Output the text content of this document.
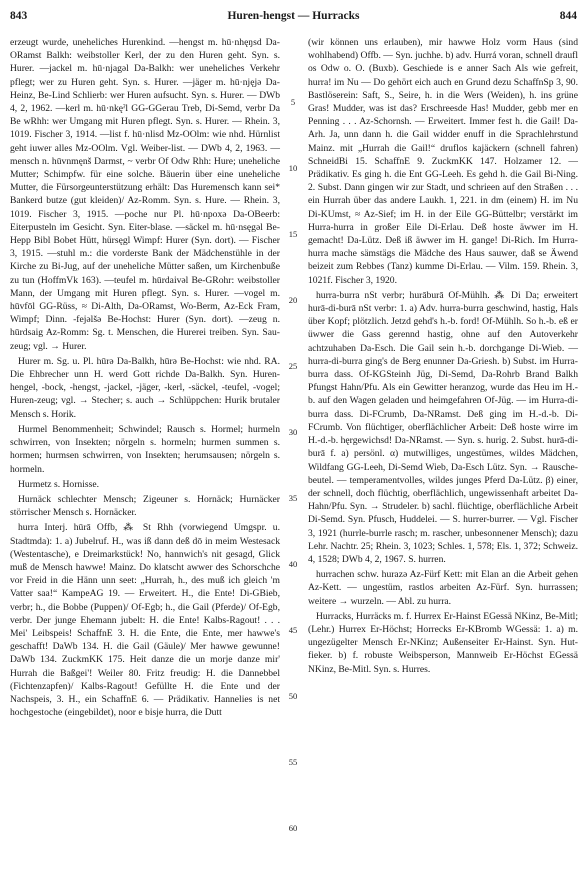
843	Huren-hengst — Hurracks	844

erzeugt wurde, uneheliches Hurenkind. —hengst m. hū·nhęŋsd Da-ORamst Balkh: weibstoller Kerl, der zu den Huren geht. Syn. s. Hurer. —jackel m. hū·njagəl Da-Balkh: wer uneheliches Verkehr pflegt; wer zu Huren geht. Syn. s. Hurer. —jäger m. hū·njęjə Da-Heinz, Be-Lind Schlierb: wer Huren aufsucht. Syn. s. Hurer. — DWb 4, 2, 1962. —kerl m. hū·nkęˀl GG-GGerau Treb, Di-Semd, verbr Da Be wRhh: wer Umgang mit Huren pflegt. Syn. s. Hurer. — Rhein. 3, 1019. Fischer 3, 1914. —list f. hū·nlisd Mz-OOlm: wie nhd. Hürnlist geht iuwer alles Mz-OOlm. Vgl. Weiber-list. — DWb 4, 2, 1963. —mensch n. hūvnmęnš Darmst, ~ verbr Of Odw Rhh: Hure; uneheliche Mutter; Schimpfw. für eine solche. Bäuerin über eine uneheliche Mutter, die Fürsorgeunterstützung erhält: Das Huremensch kann sei* Bankerd butze (gut kleiden)/ Az-Romm. Syn. s. Hure. — Rhein. 3, 1019. Fischer 3, 1915. —poche nur Pl. hū·nрoxə Da-OBeerb: Eiterpusteln im Gesicht. Syn. Eiter-blase. —säckel m. hū·nsęgəl Be-Hepp Bibl Bobet Hütt, hürsęgl Wimpf: Hurer (Syn. dort). — Fischer 3, 1915. —stuhl m.: die vorderste Bank der Mädchenstühle in der Kirche zu Bi-Jug, auf der uneheliche Mütter saßen, um Kirchenbuße zu tun (HoffmVk 163). —teufel m. hūrdaivəl Be-GRohr: weibstoller Mann, der Umgang mit Huren pflegt. Syn. s. Hurer. —vogel m. hūvfōl GG-Rüss, ≈ Di-Alth, Da-ORamst, Wo-Berm, Az-Eck Fram, Wimpf; Dinn. -fejəlšə Be-Hochst: Hurer (Syn. dort). —zeug n. hūrdsaig Az-Romm: Sg. t. Menschen, die Hurerei treiben. Syn. Sau-zeug; vgl. → Hurer.

Hurer m. Sg. u. Pl. hūrə Da-Balkh, hūrə Be-Hochst: wie nhd. RA. Die Ehbrecher unn H. werd Gott richde Da-Balkh. Syn. Huren-hengel, -bock, -hengst, -jackel, -jäger, -kerl, -säckel, -teufel, -vogel; Huren-zeug; vgl. → Stecher; s. auch → Schlüppchen: Hurik brutaler Mensch s. Horik.

Hurmel Benommenheit; Schwindel; Rausch s. Hormel; hurmeln schwirren, von Insekten; nörgeln s. hormeln; hurmen summen s. hormen; hurmsen schwirren, von Insekten; herumsausen; nörgeln s. hormeln.

Hurmetz s. Hornisse.

Hurnäck schlechter Mensch; Zigeuner s. Hornäck; Hurnäcker störrischer Mensch s. Hornäcker.

hurra Interj. hūrā Offb, ⁂ St Rhh (vorwiegend Umgspr. u. Stadtmda): 1. a) Jubelruf. H., was iß dann deß dō in meim Westesack (Westentasche), e Dreimarkstück! No, hannwich's nit gesagd, Glick muß de Mensch hawwe! Mainz. Do klatscht awwer des Schorschche vor Freid in die Hänn unn seet: „Hurrah, h., des muß ich gleich 'm Vatter saa!“ KampeAG 19. — Erweitert. H., die Ente! Di-GBieb, verbr; h., die Bobbe (Puppen)/ Of-Egb; h., die Gail (Pferde)/ Of-Egb, verbr. Der junge Ehemann jubelt: H. die Ente! Kalbs-Ragout! . . . Mei' Leibspeis! SchaffnE 3. H. die Ente, die Ente, mer hawwe's geschafft! DaWb 134. H. die Gail (Gäule)/ Mer hawwe gewunne! DaWb 134. ZuckmKK 175. Heit danze die un morje danze mir' Hurrah die Baßgei'! Weiler 80. Fritz freudig: H. die Dannebbel (Fichtenzapfen)/ Kalbs-Ragout! Gefüllte H. die Ente und der Nachspeis, 3. H., ein SchaffnE 6. — Prädikativ. Hannelies is net hochgestoche (eingebildet), noor e bisje hurra, die Dutt

5
10
15
20
25
30
35
40
45
50
55
60

(wir können uns erlauben), mir hawwe Holz vorm Haus (sind wohlhabend) Offb. — Syn. juchhe. b) adv. Hurrá voran, schnell draufl os Odw o. O. (Buxb). Geschiede is e anner Sach Als wie gefreit, hurra! im Nu — Do gehört eich auch en Grund dezu SchaffnSp 3, 90. Bastlöserein: Saft, S., Seire, h. in die Wers (Weiden), h. ins grüne Gras! Mudder, was ist das? Erschreesde Has! Mudder, gebb mer en Penning . . . Az-Schornsh. — Erweitert. Immer fest h. die Gail! Da-Arh. Ja, unn dann h. die Gail widder enuff in die Sprachlehrstund Mainz. mit „Hurrah die Gail!“ druflos kajäckern (schnell fahren) SchneidBi 15. SchaffnE 9. ZuckmKK 147. Holzamer 12. — Prädikativ. Es ging h. die Ent GG-Leeh. Es gehd h. die Gail Bi-Ning. 2. Subst. Dann gingen wir zur Stadt, und schrieen auf den Straßen . . . ein Hurrah über das andere Laukh. 1, 221. in dm (einem) H. im Nu Di-KUmst, ≈ Az-Sief; im H. in der Eile GG-Büttelbr; verstärkt im Hurra-hurra in großer Eile Di-Erlau. Deß hoste äwwer im H. gemacht! Da-Lütz. Deß iß äwwer im H. gange! Di-Rich. Im Hurra-hurra mache sämstägs die Mädche des Haus sauwer, daß se Äwend beizeit zum Rebbes (Tanz) kumme Di-Erlau. — Vilm. 159. Rhein. 3, 1021f. Fischer 3, 1920.

hurra-burra nSt verbr; hurāburā Of-Mühlh. ⁂ Di Da; erweitert hurā-di-burā nSt verbr: 1. a) Adv. hurra-burra geschwind, hastig, Hals über Kopf; plötzlich. Jetzd gehd's h.-b. ford! Of-Mühlh. So h.-b. eß er üwwer die Gass gerennd hastig, ohne auf den Autoverkehr achtzuhaben Da-Esch. Die Gail sein h.-b. dorchgange Di-Wieb. — hurra-di-burra ging's de Berg enunner Da-Griesh. b) Subst. im Hurra-burra dass. Of-KGSteinh Jüg, Di-Semd, Da-Rohrb Brand Balkh Pfungst Hahn/Pfu. Als ein Gewitter heranzog, wurde das Heu im H.-b. auf den Wagen geladen und heimgefahren Of-Jüg. — im Hurra-di-burra dass. Di-FCrumb, Da-NRamst. Deß ging im H.-d.-b. Di-FCrumb. Von flüchtiger, oberflächlicher Arbeit: Deß hoste wirre im H.-d.-b. hęrgewichsd! Da-NRamst. — Syn. s. hurig. 2. Subst. hurā-di-burā f. a) persönl. α) mutwilliges, ungestümes, wildes Mädchen, Wildfang GG-Leeh, Di-Semd Wieb, Da-Esch Lütz. Syn. → Rausche-beutel. — temperamentvolles, wildes junges Pferd Da-Lütz. β) einer, der schnell, doch flüchtig, oberflächlich, ungewissenhaft arbeitet Da-Hahn/Pfu. Syn. → Strudeler. b) sachl. flüchtige, oberflächliche Arbeit Di-Semd. Syn. Pfusch, Huddelei. — S. hurrer-burrer. — Vgl. Fischer 3, 1921 (hurrle-burrle rasch; m. rascher, unbesonnener Mensch); dazu Lehr. Nachtr. 25; Rhein. 3, 1023; Schles. 1, 578; Els. 1, 372; Schweiz. 4, 1528; DWb 4, 2, 1967. S. hurren.

hurrachen schw. hurazə Az-Fürf Kett: mit Elan an die Arbeit gehen Az-Kett. — ungestüm, rastlos arbeiten Az-Fürf. Syn. hurrassen; weitere → wurzeln. — Abl. zu hurra.

Hurracks, Hurräcks m. f. Hurrex Er-Hainst EGessä NKinz, Be-Mitl; (Lehr.) Hurrex Er-Höchst; Horrecks Er-KBromb WGessä: 1. a) m. ungezügelter Mensch Er-NKinz; Außenseiter Er-Hainst. Syn. Hut-fieker. b) f. robuste Weibsperson, Mannweib Er-Höchst EGessä NKinz, Be-Mitl. Syn. s. Hurres.
